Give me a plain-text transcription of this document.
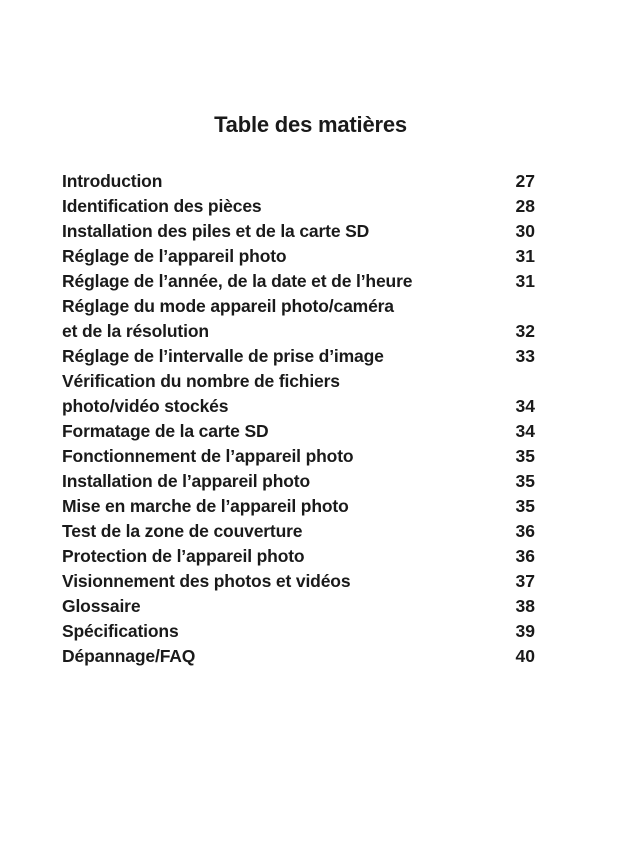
Table des matières
Introduction	27
Identification des pièces	28
Installation des piles et de la carte SD	30
Réglage de l’appareil photo	31
Réglage de l’année, de la date et de l’heure	31
Réglage du mode appareil photo/caméra
et de la résolution	32
Réglage de l’intervalle de prise d’image	33
Vérification du nombre de fichiers
photo/vidéo stockés	34
Formatage de la carte SD	34
Fonctionnement de l’appareil photo	35
Installation de l’appareil photo	35
Mise en marche de l’appareil photo	35
Test de la zone de couverture	36
Protection de l’appareil photo	36
Visionnement des photos et vidéos	37
Glossaire	38
Spécifications	39
Dépannage/FAQ	40
